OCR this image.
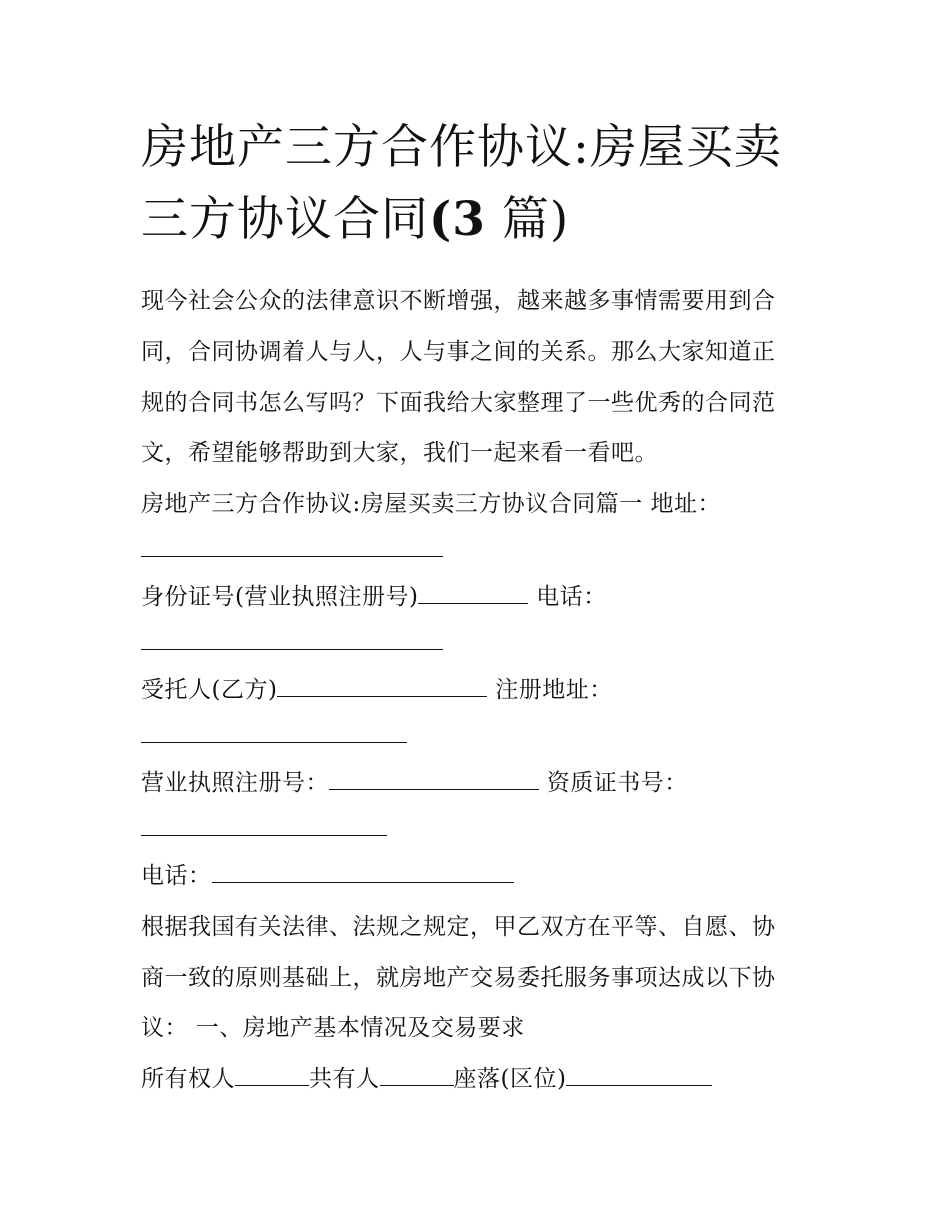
房地产三方合作协议:房屋买卖
三方协议合同(3 篇)
现今社会公众的法律意识不断增强，越来越多事情需要用到合
同，合同协调着人与人，人与事之间的关系。那么大家知道正
规的合同书怎么写吗？下面我给大家整理了一些优秀的合同范
文，希望能够帮助到大家，我们一起来看一看吧。
房地产三方合作协议:房屋买卖三方协议合同篇一 地址：
身份证号(营业执照注册号)	电话：
受托人(乙方)	注册地址：
营业执照注册号：	资质证书号：
电话：
根据我国有关法律、法规之规定，甲乙双方在平等、自愿、协
商一致的原则基础上，就房地产交易委托服务事项达成以下协
议： 一、房地产基本情况及交易要求
所有权人	共有人	座落(区位)
